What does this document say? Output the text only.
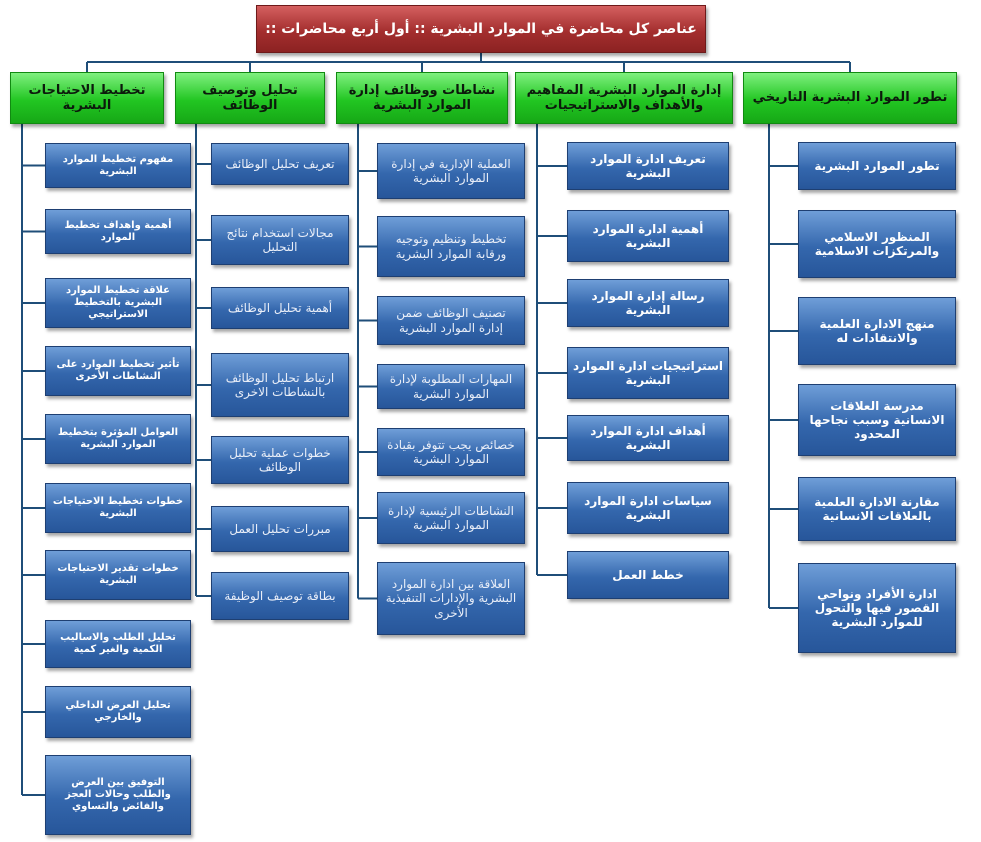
عناصر كل محاضرة في الموارد البشرية :: أول أربع محاضرات ::
تطور الموارد البشرية التاريخي
تطور الموارد البشرية
المنظور الاسلامي والمرتكزات الاسلامية
منهج الادارة العلمية والانتقادات له
مدرسة العلاقات الانسانية وسبب نجاحها المحدود
مقارنة الادارة العلمية بالعلاقات الانسانية
ادارة الأفراد ونواحي القصور فيها والتحول للموارد البشرية
إدارة الموارد البشرية المفاهيم والأهداف والاستراتيجيات
تعريف ادارة الموارد البشرية
أهمية ادارة الموارد البشرية
رسالة إدارة الموارد البشرية
استراتيجيات ادارة الموارد البشرية
أهداف ادارة الموارد البشرية
سياسات ادارة الموارد البشرية
خطط العمل
نشاطات ووظائف إدارة الموارد البشرية
العملية الإدارية في إدارة الموارد البشرية
تخطيط وتنظيم وتوجيه ورقابة الموارد البشرية
تصنيف الوظائف ضمن إدارة الموارد البشرية
المهارات المطلوبة لإدارة الموارد البشرية
خصائص يجب تتوفر بقيادة الموارد البشرية
النشاطات الرئيسية لإدارة الموارد البشرية
العلاقة بين ادارة الموارد البشرية والإدارات التنفيذية الأخرى
تحليل وتوصيف الوظائف
تعريف تحليل الوظائف
مجالات استخدام نتائج التحليل
أهمية تحليل الوظائف
ارتباط تحليل الوظائف بالنشاطات الاخرى
خطوات عملية تحليل الوظائف
مبررات تحليل العمل
بطاقة توصيف الوظيفة
تخطيط الاحتياجات البشرية
مفهوم تخطيط الموارد البشرية
أهمية واهداف تخطيط الموارد
علاقة تخطيط الموارد البشرية بالتخطيط الاستراتيجي
تأثير تخطيط الموارد على النشاطات الأخرى
العوامل المؤثرة بتخطيط الموارد البشرية
خطوات تخطيط الاحتياجات البشرية
خطوات تقدير الاحتياجات البشرية
تحليل الطلب والاساليب الكمية والغير كمية
تحليل العرض الداخلي والخارجي
التوفيق بين العرض والطلب وحالات العجز والفائض والتساوي
